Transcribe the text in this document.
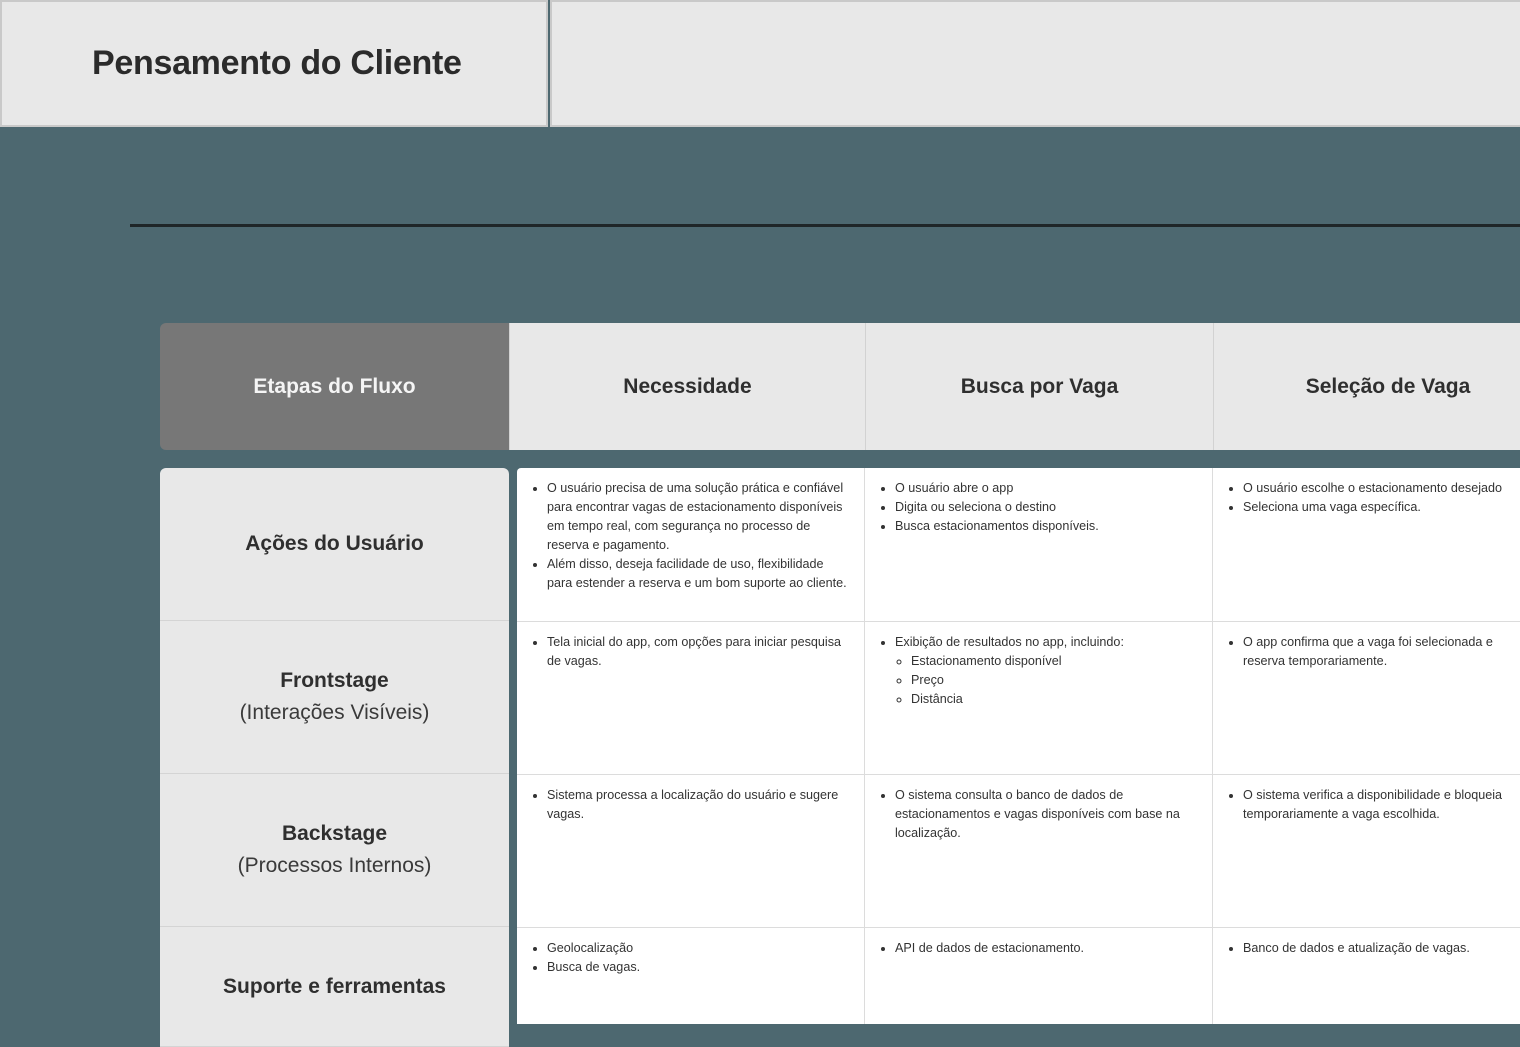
Pensamento do Cliente
Etapas do Fluxo	Necessidade	Busca por Vaga	Seleção de Vaga
Ações do Usuário
Frontstage
(Interações Visíveis)
Backstage
(Processos Internos)
Suporte e ferramentas
• O usuário precisa de uma solução prática e confiável para encontrar vagas de estacionamento disponíveis em tempo real, com segurança no processo de reserva e pagamento.
• Além disso, deseja facilidade de uso, flexibilidade para estender a reserva e um bom suporte ao cliente.
• O usuário abre o app
• Digita ou seleciona o destino
• Busca estacionamentos disponíveis.
• O usuário escolhe o estacionamento desejado
• Seleciona uma vaga específica.
• Tela inicial do app, com opções para iniciar pesquisa de vagas.
• Exibição de resultados no app, incluindo:
◦ Estacionamento disponível
◦ Preço
◦ Distância
• O app confirma que a vaga foi selecionada e reserva temporariamente.
• Sistema processa a localização do usuário e sugere vagas.
• O sistema consulta o banco de dados de estacionamentos e vagas disponíveis com base na localização.
• O sistema verifica a disponibilidade e bloqueia temporariamente a vaga escolhida.
• Geolocalização
• Busca de vagas.
• API de dados de estacionamento.
•	Banco de dados e atualização de vagas.
